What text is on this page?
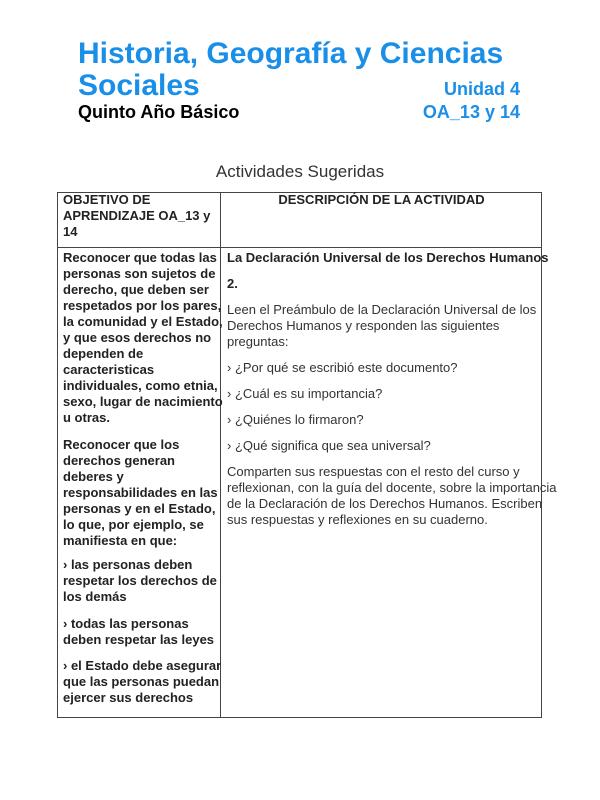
Historia, Geografía y Ciencias
Sociales	Unidad 4
Quinto Año Básico	OA_13 y 14
Actividades Sugeridas
OBJETIVO DE
APRENDIZAJE OA_13 y
14
DESCRIPCIÓN DE LA ACTIVIDAD
Reconocer que todas las
personas son sujetos de
derecho, que deben ser
respetados por los pares,
la comunidad y el Estado,
y que esos derechos no
dependen de
caracteristicas
individuales, como etnia,
sexo, lugar de nacimiento
u otras.
Reconocer que los
derechos generan
deberes y
responsabilidades en las
personas y en el Estado,
lo que, por ejemplo, se
manifiesta en que:
› las personas deben
respetar los derechos de
los demás
› todas las personas
deben respetar las leyes
› el Estado debe asegurar
que las personas puedan
ejercer sus derechos
La Declaración Universal de los Derechos Humanos
2.
Leen el Preámbulo de la Declaración Universal de los
Derechos Humanos y responden las siguientes
preguntas:
› ¿Por qué se escribió este documento?
› ¿Cuál es su importancia?
› ¿Quiénes lo firmaron?
› ¿Qué significa que sea universal?
Comparten sus respuestas con el resto del curso y
reflexionan, con la guía del docente, sobre la importancia
de la Declaración de los Derechos Humanos. Escriben
sus respuestas y reflexiones en su cuaderno.
